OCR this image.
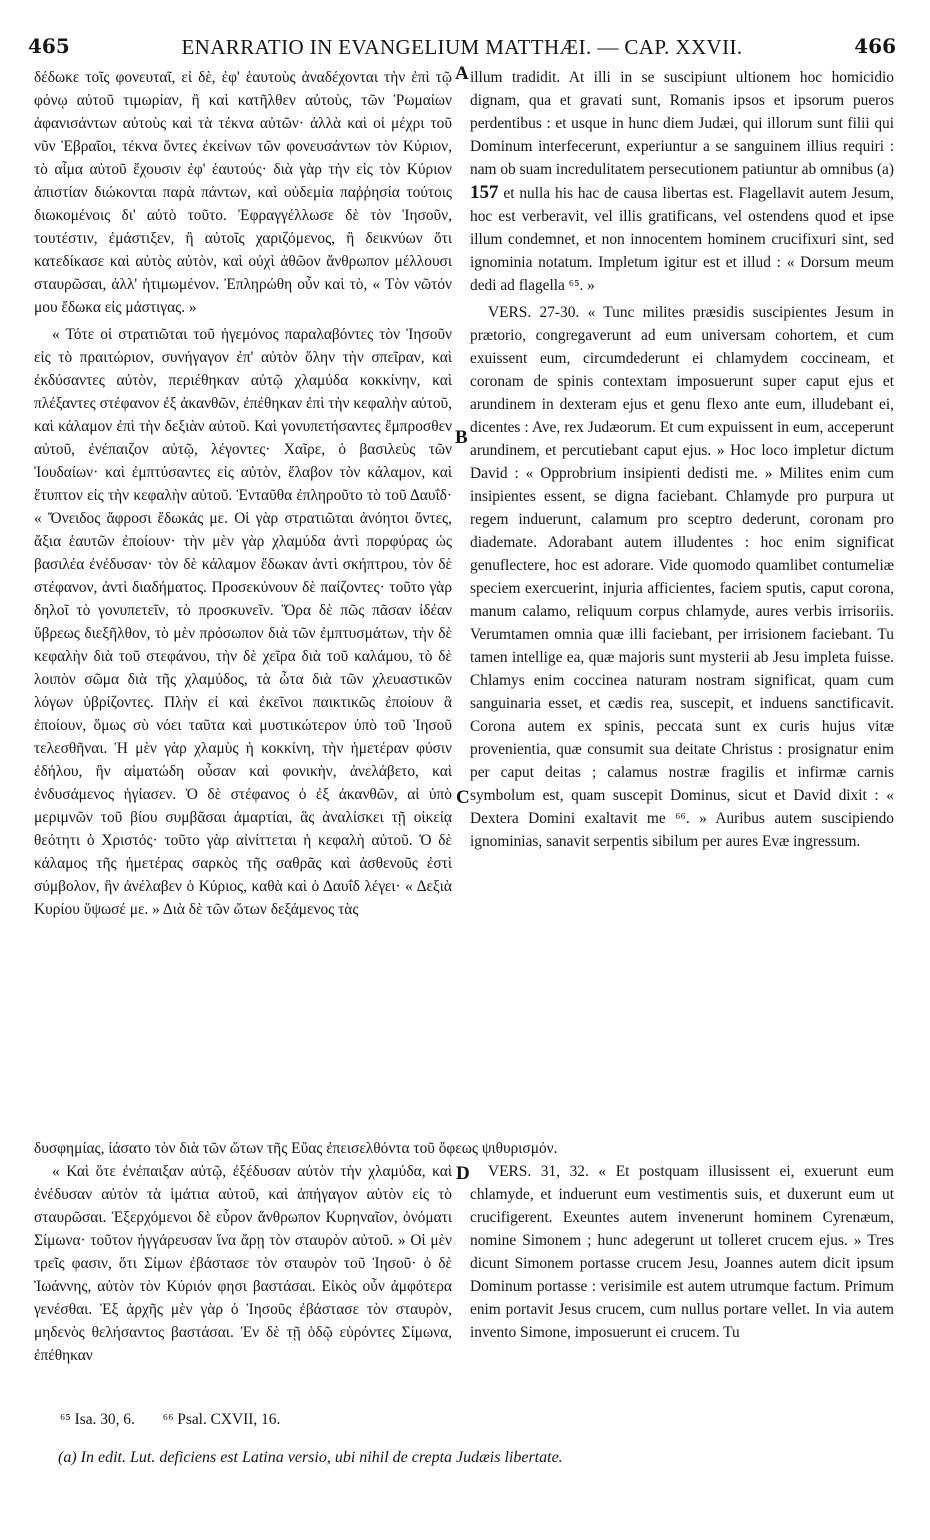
465	ENARRATIO IN EVANGELIUM MATTHÆI. — CAP. XXVII.	466

δέδωκε τοῖς φονευταῖ, εἰ δὲ, ἐφ' ἑαυτοὺς ἀναδέχονται τὴν ἐπὶ τῷ φόνῳ αὐτοῦ τιμωρίαν, ἢ καὶ κατῆλθεν αὐτοὺς, τῶν Ῥωμαίων ἀφανισάντων αὐτοὺς καὶ τὰ τέκνα αὐτῶν· ἀλλὰ καὶ οἱ μέχρι τοῦ νῦν Ἑβραῖοι, τέκνα ὄντες ἐκείνων τῶν φονευσάντων τὸν Κύριον, τὸ αἷμα αὐτοῦ ἔχουσιν ἐφ' ἑαυτούς· διὰ γὰρ τὴν εἰς τὸν Κύριον ἀπιστίαν διώκονται παρὰ πάντων, καὶ οὐδεμία παῤῥησία τούτοις διωκομένοις δι' αὐτὸ τοῦτο. Ἐφραγγέλλωσε δὲ τὸν Ἰησοῦν, τουτέστιν, ἐμάστιξεν, ἢ αὐτοῖς χαριζόμενος, ἢ δεικνύων ὅτι κατεδίκασε καὶ αὐτὸς αὐτὸν, καὶ οὐχὶ ἀθῶον ἄνθρωπον μέλλουσι σταυρῶσαι, ἀλλ' ἠτιμωμένον. Ἐπληρώθη οὖν καὶ τὸ, « Τὸν νῶτόν μου ἔδωκα εἰς μάστιγας. »

« Τότε οἱ στρατιῶται τοῦ ἡγεμόνος παραλαβόντες τὸν Ἰησοῦν εἰς τὸ πραιτώριον, συνήγαγον ἐπ' αὐτὸν ὅλην τὴν σπεῖραν, καὶ ἐκδύσαντες αὐτὸν, περιέθηκαν αὐτῷ χλαμύδα κοκκίνην, καὶ πλέξαντες στέφανον ἐξ ἀκανθῶν, ἐπέθηκαν ἐπὶ τὴν κεφαλὴν αὐτοῦ, καὶ κάλαμον ἐπὶ τὴν δεξιὰν αὐτοῦ. Καὶ γονυπετήσαντες ἔμπροσθεν αὐτοῦ, ἐνέπαιζον αὐτῷ, λέγοντες· Χαῖρε, ὁ βασιλεὺς τῶν Ἰουδαίων· καὶ ἐμπτύσαντες εἰς αὐτὸν, ἔλαβον τὸν κάλαμον, καὶ ἔτυπτον εἰς τὴν κεφαλὴν αὐτοῦ. Ἐνταῦθα ἐπληροῦτο τὸ τοῦ Δαυΐδ· « Ὄνειδος ἄφροσι ἔδωκάς με. Οἱ γὰρ στρατιῶται ἀνόητοι ὄντες, ἄξια ἑαυτῶν ἐποίουν· τὴν μὲν γὰρ χλαμύδα ἀντὶ πορφύρας ὡς βασιλέα ἐνέδυσαν· τὸν δὲ κάλαμον ἔδωκαν ἀντὶ σκήπτρου, τὸν δὲ στέφανον, ἀντὶ διαδήματος. Προσεκύνουν δὲ παίζοντες· τοῦτο γὰρ δηλοῖ τὸ γονυπετεῖν, τὸ προσκυνεῖν. Ὅρα δὲ πῶς πᾶσαν ἰδέαν ὕβρεως διεξῆλθον, τὸ μὲν πρόσωπον διὰ τῶν ἐμπτυσμάτων, τὴν δὲ κεφαλὴν διὰ τοῦ στεφάνου, τὴν δὲ χεῖρα διὰ τοῦ καλάμου, τὸ δὲ λοιπὸν σῶμα διὰ τῆς χλαμύδος, τὰ ὦτα διὰ τῶν χλευαστικῶν λόγων ὑβρίζοντες. Πλὴν εἰ καὶ ἐκεῖνοι παικτικῶς ἐποίουν ἃ ἐποίουν, ὅμως σὺ νόει ταῦτα καὶ μυστικώτερον ὑπὸ τοῦ Ἰησοῦ τελεσθῆναι. Ἡ μὲν γὰρ χλαμὺς ἡ κοκκίνη, τὴν ἡμετέραν φύσιν ἐδήλου, ἣν αἱματώδη οὖσαν καὶ φονικὴν, ἀνελάβετο, καὶ ἐνδυσάμενος ἡγίασεν. Ὁ δὲ στέφανος ὁ ἐξ ἀκανθῶν, αἱ ὑπὸ μεριμνῶν τοῦ βίου συμβᾶσαι ἁμαρτίαι, ἃς ἀναλίσκει τῇ οἰκείᾳ θεότητι ὁ Χριστός· τοῦτο γὰρ αἰνίττεται ἡ κεφαλὴ αὐτοῦ. Ὁ δὲ κάλαμος τῆς ἡμετέρας σαρκὸς τῆς σαθρᾶς καὶ ἀσθενοῦς ἐστὶ σύμβολον, ἣν ἀνέλαβεν ὁ Κύριος, καθὰ καὶ ὁ Δαυΐδ λέγει· « Δεξιὰ Κυρίου ὕψωσέ με. » Διὰ δὲ τῶν ὤτων δεξάμενος τὰς

illum tradidit. At illi in se suscipiunt ultionem hoc homicidio dignam, qua et gravati sunt, Romanis ipsos et ipsorum pueros perdentibus : et usque in hunc diem Judæi, qui illorum sunt filii qui Dominum interfecerunt, experiuntur a se sanguinem illius requiri : nam ob suam incredulitatem persecutionem patiuntur ab omnibus (a) 157 et nulla his hac de causa libertas est. Flagellavit autem Jesum, hoc est verberavit, vel illis gratificans, vel ostendens quod et ipse illum condemnet, et non innocentem hominem crucifixuri sint, sed ignominia notatum. Impletum igitur est et illud : « Dorsum meum dedi ad flagella ⁶⁵. »

VERS. 27-30. « Tunc milites præsidis suscipientes Jesum in prætorio, congregaverunt ad eum universam cohortem, et cum exuissent eum, circumdederunt ei chlamydem coccineam, et coronam de spinis contextam imposuerunt super caput ejus et arundinem in dexteram ejus et genu flexo ante eum, illudebant ei, dicentes : Ave, rex Judæorum. Et cum expuissent in eum, acceperunt arundinem, et percutiebant caput ejus. » Hoc loco impletur dictum David : « Opprobrium insipienti dedisti me. » Milites enim cum insipientes essent, se digna faciebant. Chlamyde pro purpura ut regem induerunt, calamum pro sceptro dederunt, coronam pro diademate. Adorabant autem illudentes : hoc enim significat genuflectere, hoc est adorare. Vide quomodo quamlibet contumeliæ speciem exercuerint, injuria afficientes, faciem sputis, caput corona, manum calamo, reliquum corpus chlamyde, aures verbis irrisoriis. Verumtamen omnia quæ illi faciebant, per irrisionem faciebant. Tu tamen intellige ea, quæ majoris sunt mysterii ab Jesu impleta fuisse. Chlamys enim coccinea naturam nostram significat, quam cum sanguinaria esset, et cædis rea, suscepit, et induens sanctificavit. Corona autem ex spinis, peccata sunt ex curis hujus vitæ provenientia, quæ consumit sua deitate Christus : prosignatur enim per caput deitas ; calamus nostræ fragilis et infirmæ carnis symbolum est, quam suscepit Dominus, sicut et David dixit : « Dextera Domini exaltavit me ⁶⁶. » Auribus autem suscipiendo ignominias, sanavit serpentis sibilum per aures Evæ ingressum.

A
B
C
D
δυσφημίας, ἰάσατο τὸν διὰ τῶν ὤτων τῆς Εὔας ἐπεισελθόντα τοῦ ὄφεως ψιθυρισμόν.

« Καὶ ὅτε ἐνέπαιξαν αὐτῷ, ἐξέδυσαν αὐτὸν τὴν χλαμύδα, καὶ ἐνέδυσαν αὐτὸν τὰ ἱμάτια αὐτοῦ, καὶ ἀπήγαγον αὐτὸν εἰς τὸ σταυρῶσαι. Ἐξερχόμενοι δὲ εὗρον ἄνθρωπον Κυρηναῖον, ὀνόματι Σίμωνα· τοῦτον ἠγγάρευσαν ἵνα ἄρῃ τὸν σταυρὸν αὐτοῦ. » Οἱ μὲν τρεῖς φασιν, ὅτι Σίμων ἐβάστασε τὸν σταυρὸν τοῦ Ἰησοῦ· ὁ δὲ Ἰωάννης, αὐτὸν τὸν Κύριόν φησι βαστάσαι. Εἰκὸς οὖν ἀμφότερα γενέσθαι. Ἐξ ἀρχῆς μὲν γὰρ ὁ Ἰησοῦς ἐβάστασε τὸν σταυρὸν, μηδενὸς θελήσαντος βαστάσαι. Ἐν δὲ τῇ ὁδῷ εὑρόντες Σίμωνα, ἐπέθηκαν

VERS. 31, 32. « Et postquam illusissent ei, exuerunt eum chlamyde, et induerunt eum vestimentis suis, et duxerunt eum ut crucifigerent. Exeuntes autem invenerunt hominem Cyrenæum, nomine Simonem ; hunc adegerunt ut tolleret crucem ejus. » Tres dicunt Simonem portasse crucem Jesu, Joannes autem dicit ipsum Dominum portasse : verisimile est autem utrumque factum. Primum enim portavit Jesus crucem, cum nullus portare vellet. In via autem invento Simone, imposuerunt ei crucem. Tu

⁶⁵ Isa. 30, 6. ⁶⁶ Psal. CXVII, 16.
(a) In edit. Lut. deficiens est Latina versio, ubi nihil de crepta Judæis libertate.
